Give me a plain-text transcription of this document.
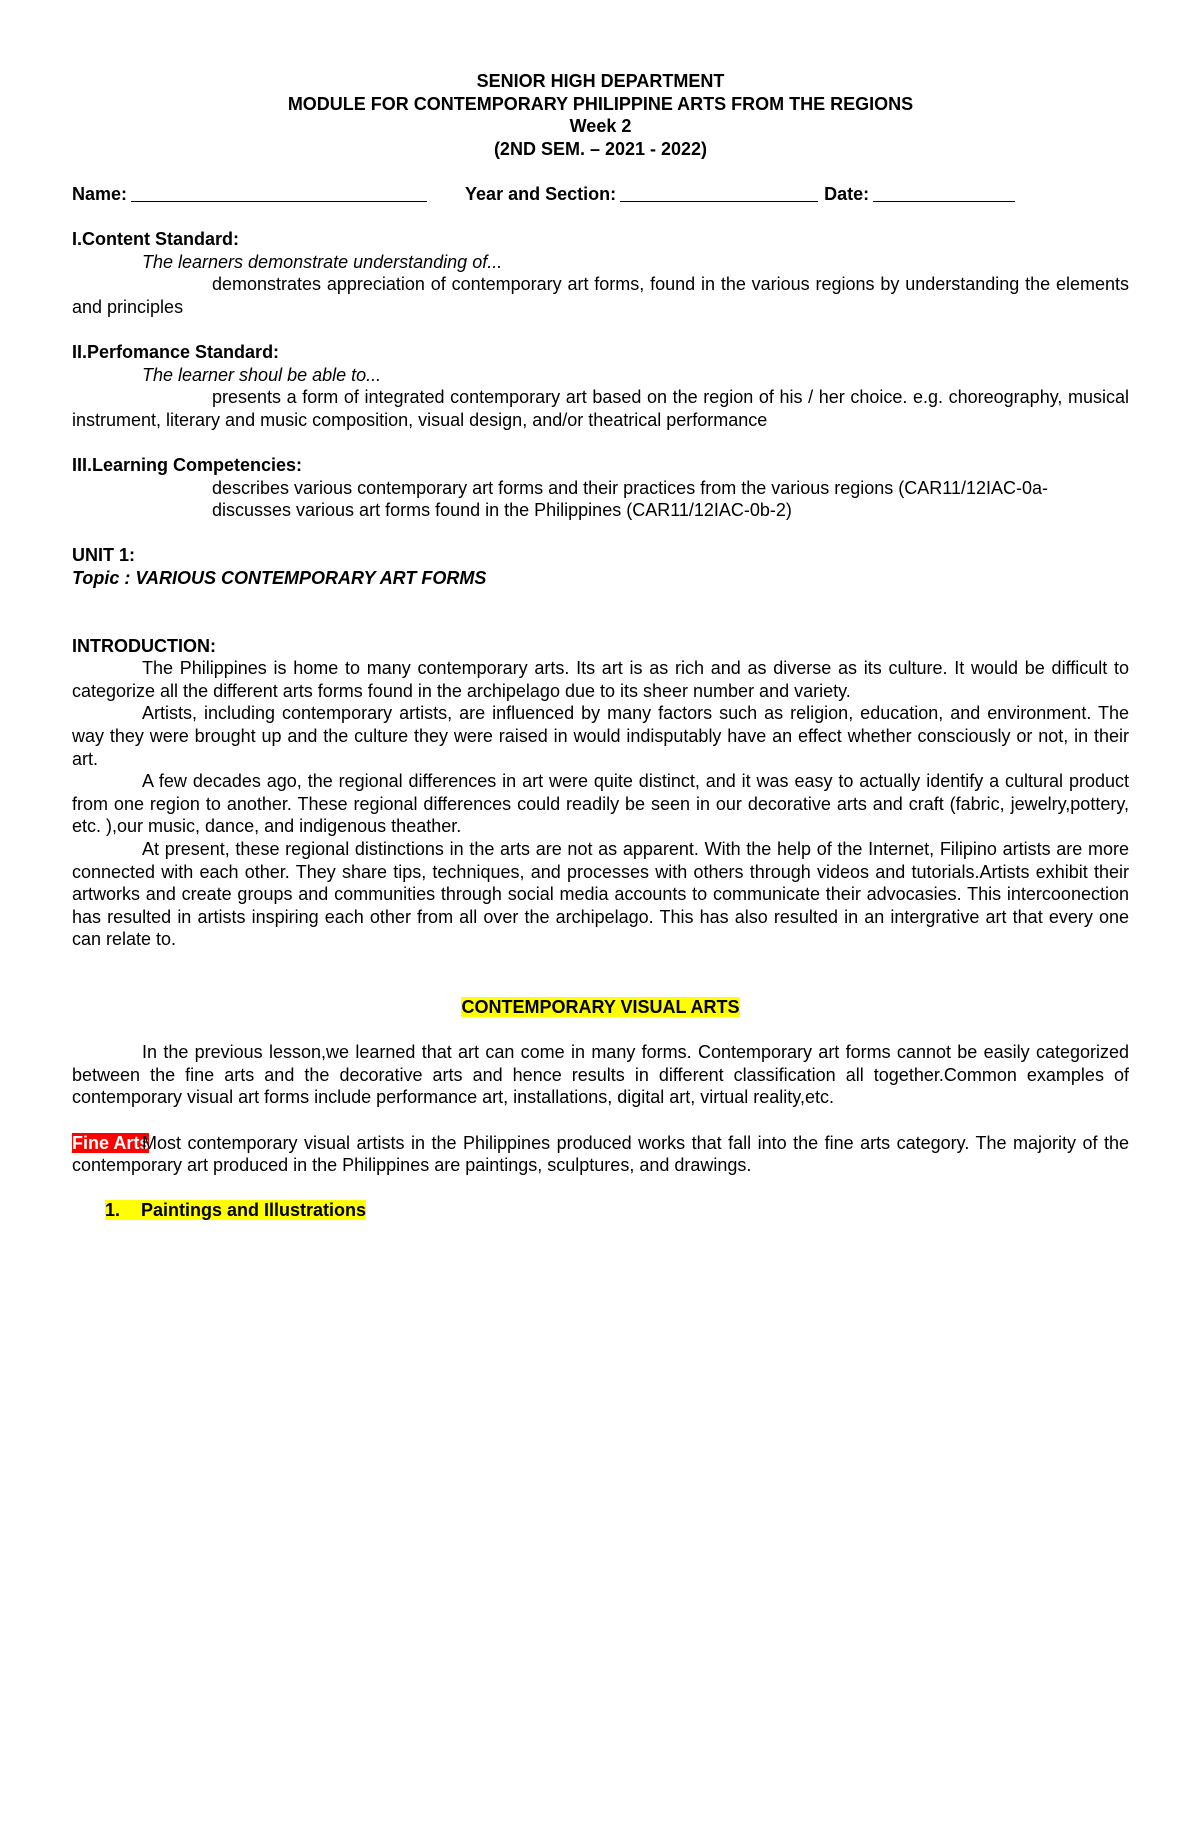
SENIOR HIGH DEPARTMENT
MODULE FOR CONTEMPORARY PHILIPPINE ARTS FROM THE REGIONS
Week 2
(2ND SEM. – 2021 - 2022)
Name:	Year and Section:	Date:
I.Content Standard:
The learners demonstrate understanding of...
demonstrates appreciation of contemporary art forms, found in the various regions by understanding the elements and principles
II.Perfomance Standard:
The learner shoul be able to...
presents a form of integrated contemporary art based on the region of his / her choice. e.g. choreography, musical instrument, literary and music composition, visual design, and/or theatrical performance
III.Learning Competencies:
describes various contemporary art forms and their practices from the various regions (CAR11/12IAC-0a-
discusses various art forms found in the Philippines (CAR11/12IAC-0b-2)
UNIT 1:
Topic : VARIOUS CONTEMPORARY ART FORMS
INTRODUCTION:
The Philippines is home to many contemporary arts. Its art is as rich and as diverse as its culture. It would be difficult to categorize all the different arts forms found in the archipelago due to its sheer number and variety.
Artists, including contemporary artists, are influenced by many factors such as religion, education, and environment. The way they were brought up and the culture they were raised in would indisputably have an effect whether consciously or not, in their art.
A few decades ago, the regional differences in art were quite distinct, and it was easy to actually identify a cultural product from one region to another. These regional differences could readily be seen in our decorative arts and craft (fabric, jewelry,pottery, etc. ),our music, dance, and indigenous theather.
At present, these regional distinctions in the arts are not as apparent. With the help of the Internet, Filipino artists are more connected with each other. They share tips, techniques, and processes with others through videos and tutorials.Artists exhibit their artworks and create groups and communities through social media accounts to communicate their advocasies. This intercoonection has resulted in artists inspiring each other from all over the archipelago. This has also resulted in an intergrative art that every one can relate to.
CONTEMPORARY VISUAL ARTS
In the previous lesson,we learned that art can come in many forms. Contemporary art forms cannot be easily categorized between the fine arts and the decorative arts and hence results in different classification all together.Common examples of contemporary visual art forms include performance art, installations, digital art, virtual reality,etc.
Fine Arts
Most contemporary visual artists in the Philippines produced works that fall into the fine arts category. The majority of the contemporary art produced in the Philippines are paintings, sculptures, and drawings.
1. Paintings and Illustrations
